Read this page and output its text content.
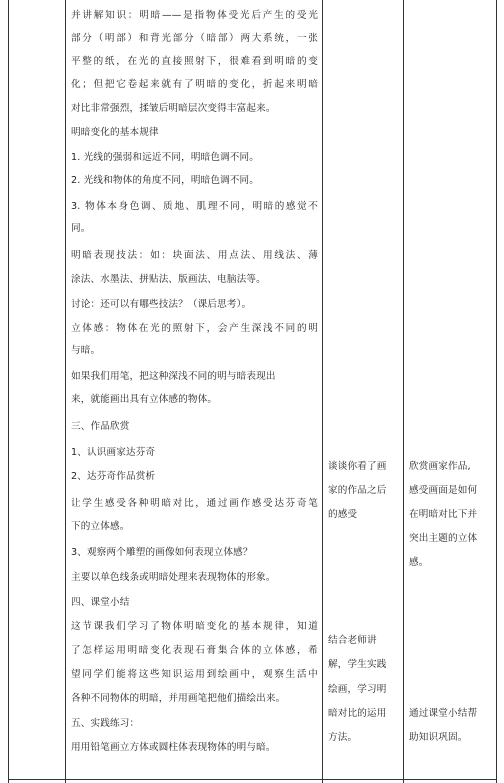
并讲解知识：明暗——是指物体受光后产生的受光
部分（明部）和背光部分（暗部）两大系统，一张
平整的纸，在光的直接照射下，很难看到明暗的变
化；但把它卷起来就有了明暗的变化，折起来明暗
对比非常强烈，揉皱后明暗层次变得丰富起来。
明暗变化的基本规律
1. 光线的强弱和远近不同，明暗色调不同。
2. 光线和物体的角度不同，明暗色调不同。
3. 物体本身色调、质地、肌理不同，明暗的感觉不
同。
明暗表现技法：如：块面法、用点法、用线法、薄
涂法、水墨法、拼贴法、版画法、电脑法等。
讨论：还可以有哪些技法？（课后思考）。
立体感：物体在光的照射下，会产生深浅不同的明
与暗。
如果我们用笔，把这种深浅不同的明与暗表现出
来，就能画出具有立体感的物体。
三、作品欣赏
1、认识画家达芬奇
2、达芬奇作品赏析
让学生感受各种明暗对比，通过画作感受达芬奇笔
下的立体感。
3、观察两个雕塑的画像如何表现立体感？
主要以单色线条或明暗处理来表现物体的形象。
四、课堂小结
这节课我们学习了物体明暗变化的基本规律，知道
了怎样运用明暗变化表现石膏集合体的立体感，希
望同学们能将这些知识运用到绘画中，观察生活中
各种不同物体的明暗，并用画笔把他们描绘出来。
五、实践练习：
用用铅笔画立方体或圆柱体表现物体的明与暗。
谈谈你看了画
家的作品之后
的感受
结合老师讲
解，学生实践
绘画，学习明
暗对比的运用
方法。
欣赏画家作品,
感受画面是如何
在明暗对比下并
突出主题的立体
感。
通过课堂小结帮
助知识巩固。
